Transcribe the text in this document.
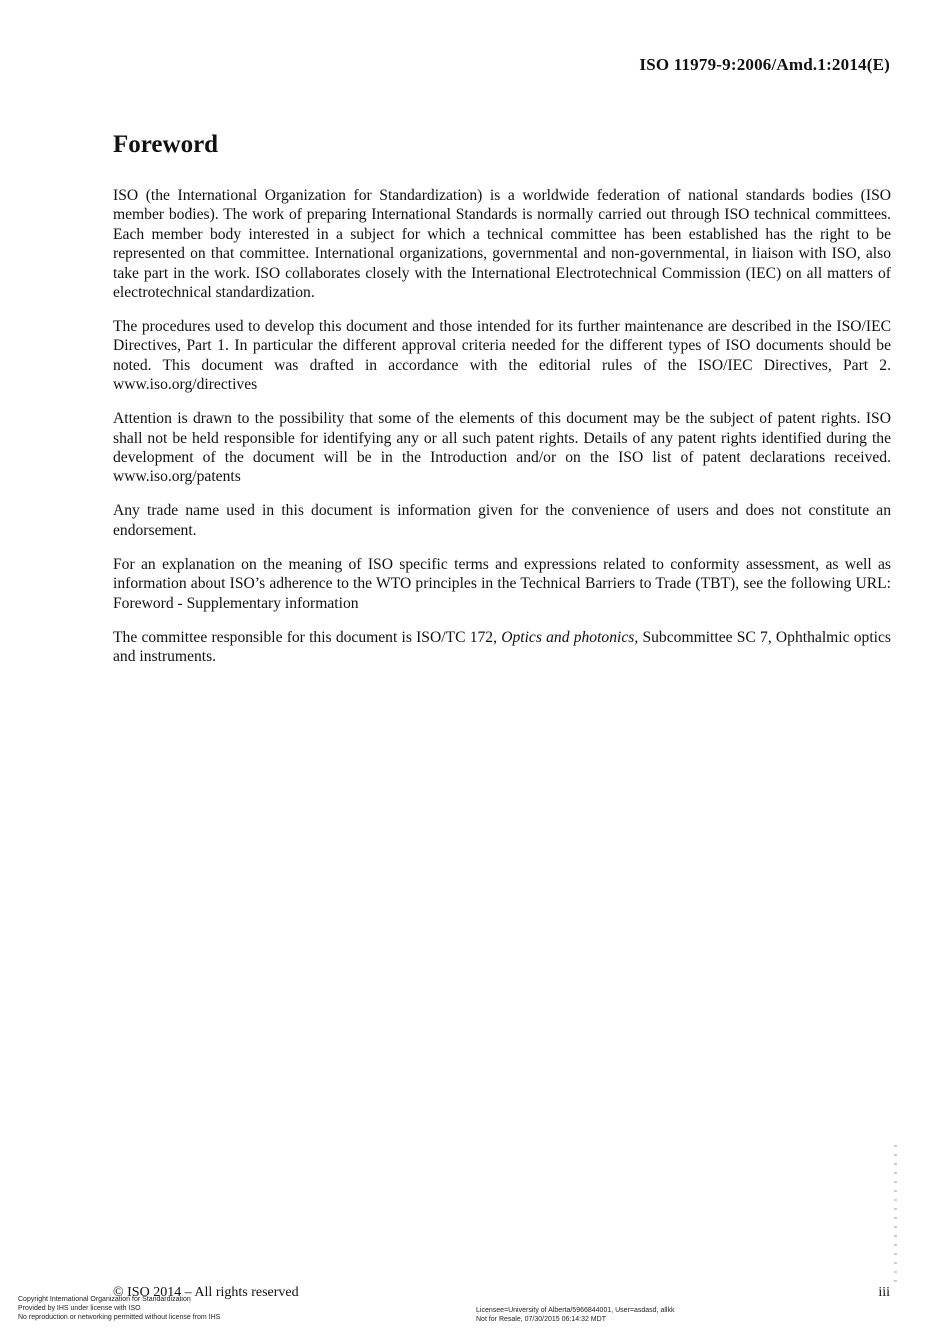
ISO 11979-9:2006/Amd.1:2014(E)
Foreword

ISO (the International Organization for Standardization) is a worldwide federation of national standards bodies (ISO member bodies). The work of preparing International Standards is normally carried out through ISO technical committees. Each member body interested in a subject for which a technical committee has been established has the right to be represented on that committee. International organizations, governmental and non-governmental, in liaison with ISO, also take part in the work. ISO collaborates closely with the International Electrotechnical Commission (IEC) on all matters of electrotechnical standardization.

The procedures used to develop this document and those intended for its further maintenance are described in the ISO/IEC Directives, Part 1. In particular the different approval criteria needed for the different types of ISO documents should be noted. This document was drafted in accordance with the editorial rules of the ISO/IEC Directives, Part 2. www.iso.org/directives

Attention is drawn to the possibility that some of the elements of this document may be the subject of patent rights. ISO shall not be held responsible for identifying any or all such patent rights. Details of any patent rights identified during the development of the document will be in the Introduction and/or on the ISO list of patent declarations received. www.iso.org/patents

Any trade name used in this document is information given for the convenience of users and does not constitute an endorsement.

For an explanation on the meaning of ISO specific terms and expressions related to conformity assessment, as well as information about ISO’s adherence to the WTO principles in the Technical Barriers to Trade (TBT), see the following URL: Foreword - Supplementary information

The committee responsible for this document is ISO/TC 172, Optics and photonics, Subcommittee SC 7, Ophthalmic optics and instruments.

© ISO 2014 – All rights reserved	iii
Copyright International Organization for Standardization
Provided by IHS under license with ISO
No reproduction or networking permitted without license from IHS
Licensee=University of Alberta/5966844001, User=asdasd, allkk
Not for Resale, 07/30/2015 06:14:32 MDT
